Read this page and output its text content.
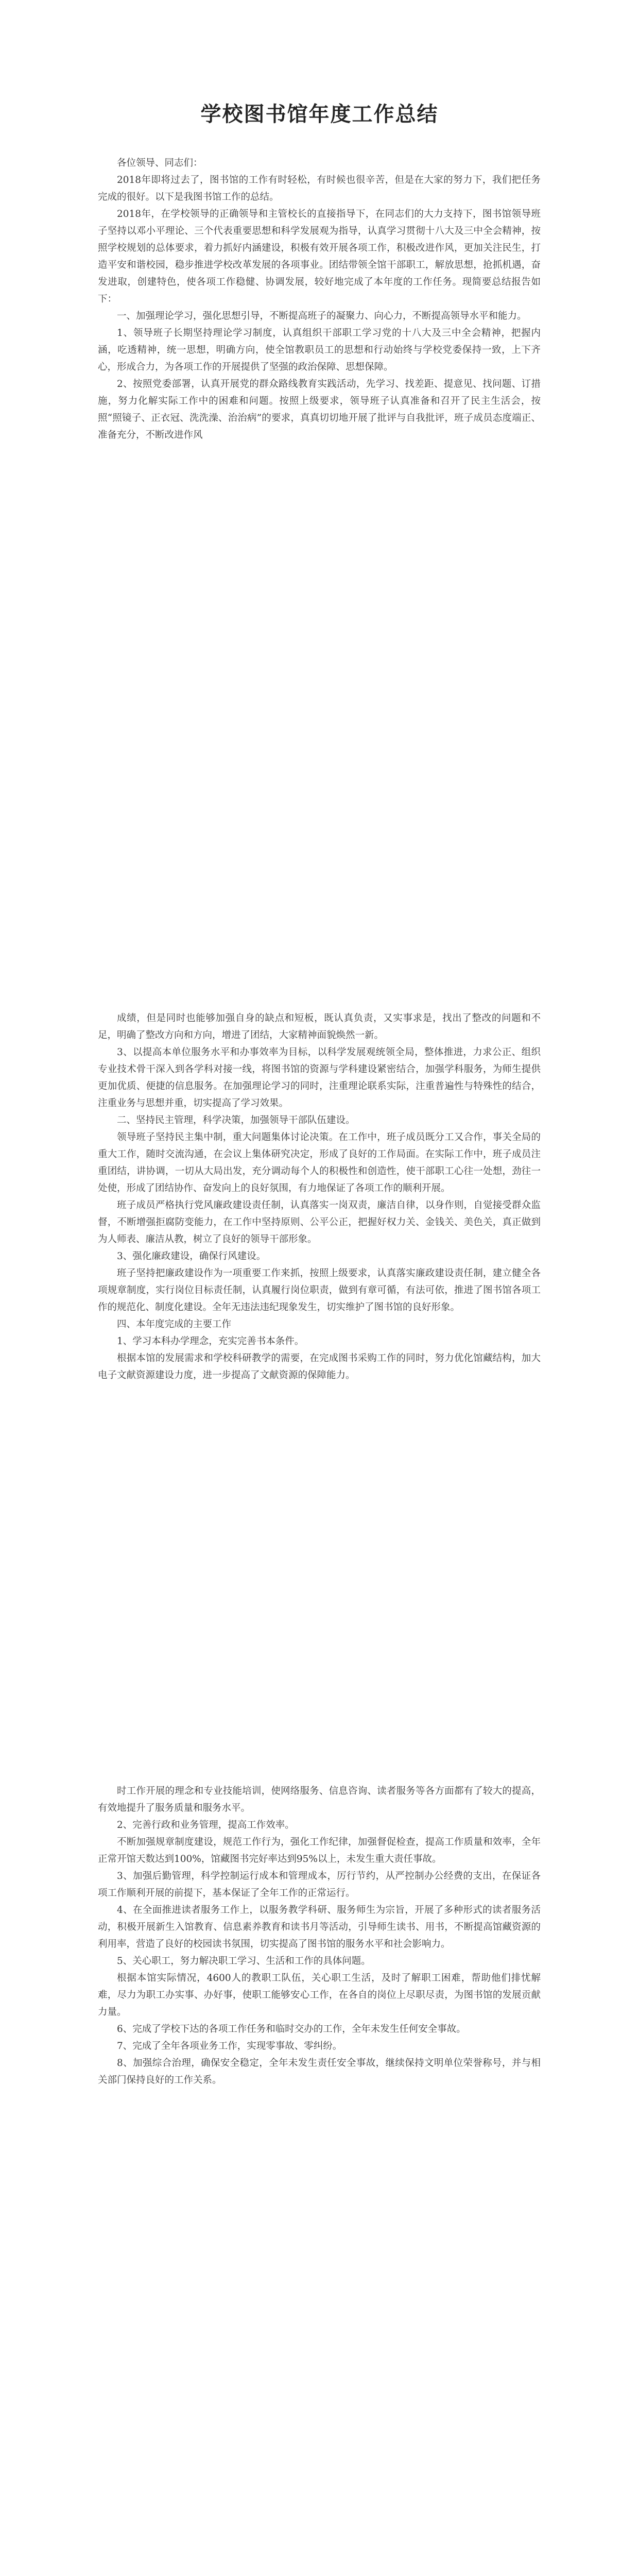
学校图书馆年度工作总结

各位领导、同志们：

2018年即将过去了，图书馆的工作有时轻松，有时候也很辛苦，但是在大家的努力下，我们把任务完成的很好。以下是我图书馆工作的总结。

2018年，在学校领导的正确领导和主管校长的直接指导下，在同志们的大力支持下，图书馆领导班子坚持以邓小平理论、三个代表重要思想和科学发展观为指导，认真学习贯彻十八大及三中全会精神，按照学校规划的总体要求，着力抓好内涵建设，积极有效开展各项工作，积极改进作风，更加关注民生，打造平安和谐校园，稳步推进学校改革发展的各项事业。团结带领全馆干部职工，解放思想，抢抓机遇，奋发进取，创建特色，使各项工作稳健、协调发展，较好地完成了本年度的工作任务。现简要总结报告如下：

一、加强理论学习，强化思想引导，不断提高班子的凝聚力、向心力，不断提高领导水平和能力。

1、领导班子长期坚持理论学习制度，认真组织干部职工学习党的十八大及三中全会精神，把握内涵，吃透精神，统一思想，明确方向，使全馆教职员工的思想和行动始终与学校党委保持一致，上下齐心，形成合力，为各项工作的开展提供了坚强的政治保障、思想保障。

2、按照党委部署，认真开展党的群众路线教育实践活动，先学习、找差距、提意见、找问题、订措施，努力化解实际工作中的困难和问题。按照上级要求，领导班子认真准备和召开了民主生活会，按照“照镜子、正衣冠、洗洗澡、治治病”的要求，真真切切地开展了批评与自我批评，班子成员态度端正、准备充分，不断改进作风

成绩，但是同时也能够加强自身的缺点和短板，既认真负责，又实事求是，找出了整改的问题和不足，明确了整改方向和方向，增进了团结，大家精神面貌焕然一新。

3、以提高本单位服务水平和办事效率为目标，以科学发展观统领全局，整体推进，力求公正、组织专业技术骨干深入到各学科对接一线，将图书馆的资源与学科建设紧密结合，加强学科服务，为师生提供更加优质、便捷的信息服务。在加强理论学习的同时，注重理论联系实际，注重普遍性与特殊性的结合，注重业务与思想并重，切实提高了学习效果。

二、坚持民主管理，科学决策，加强领导干部队伍建设。

领导班子坚持民主集中制，重大问题集体讨论决策。在工作中，班子成员既分工又合作，事关全局的重大工作，随时交流沟通，在会议上集体研究决定，形成了良好的工作局面。在实际工作中，班子成员注重团结，讲协调，一切从大局出发，充分调动每个人的积极性和创造性，使干部职工心往一处想，劲往一处使，形成了团结协作、奋发向上的良好氛围，有力地保证了各项工作的顺利开展。

班子成员严格执行党风廉政建设责任制，认真落实一岗双责，廉洁自律，以身作则，自觉接受群众监督，不断增强拒腐防变能力，在工作中坚持原则、公平公正，把握好权力关、金钱关、美色关，真正做到为人师表、廉洁从教，树立了良好的领导干部形象。

3、强化廉政建设，确保行风建设。

班子坚持把廉政建设作为一项重要工作来抓，按照上级要求，认真落实廉政建设责任制，建立健全各项规章制度，实行岗位目标责任制，认真履行岗位职责，做到有章可循，有法可依，推进了图书馆各项工作的规范化、制度化建设。全年无违法违纪现象发生，切实维护了图书馆的良好形象。

四、本年度完成的主要工作

1、学习本科办学理念，充实完善书本条件。

根据本馆的发展需求和学校科研教学的需要，在完成图书采购工作的同时，努力优化馆藏结构，加大电子文献资源建设力度，进一步提高了文献资源的保障能力。

时工作开展的理念和专业技能培训，使网络服务、信息咨询、读者服务等各方面都有了较大的提高，有效地提升了服务质量和服务水平。

2、完善行政和业务管理，提高工作效率。

不断加强规章制度建设，规范工作行为，强化工作纪律，加强督促检查，提高工作质量和效率，全年正常开馆天数达到100%，馆藏图书完好率达到95%以上，未发生重大责任事故。

3、加强后勤管理，科学控制运行成本和管理成本，厉行节约，从严控制办公经费的支出，在保证各项工作顺利开展的前提下，基本保证了全年工作的正常运行。

4、在全面推进读者服务工作上，以服务教学科研、服务师生为宗旨，开展了多种形式的读者服务活动，积极开展新生入馆教育、信息素养教育和读书月等活动，引导师生读书、用书，不断提高馆藏资源的利用率，营造了良好的校园读书氛围，切实提高了图书馆的服务水平和社会影响力。

5、关心职工，努力解决职工学习、生活和工作的具体问题。

根据本馆实际情况，4600人的教职工队伍，关心职工生活，及时了解职工困难，帮助他们排忧解难，尽力为职工办实事、办好事，使职工能够安心工作，在各自的岗位上尽职尽责，为图书馆的发展贡献力量。

6、完成了学校下达的各项工作任务和临时交办的工作，全年未发生任何安全事故。

7、完成了全年各项业务工作，实现零事故、零纠纷。

8、加强综合治理，确保安全稳定，全年未发生责任安全事故，继续保持文明单位荣誉称号，并与相关部门保持良好的工作关系。
